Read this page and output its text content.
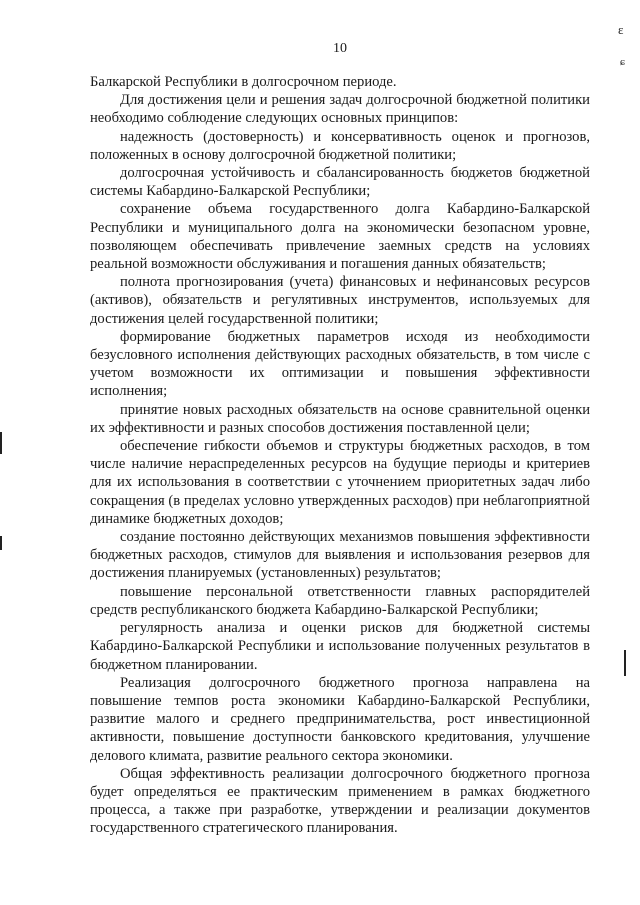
10
ε
ɕ

Балкарской Республики в долгосрочном периоде.

Для достижения цели и решения задач долгосрочной бюджетной политики необходимо соблюдение следующих основных принципов:

надежность (достоверность) и консервативность оценок и прогнозов, положенных в основу долгосрочной бюджетной политики;

долгосрочная устойчивость и сбалансированность бюджетов бюджетной системы Кабардино-Балкарской Республики;

сохранение объема государственного долга Кабардино-Балкарской Республики и муниципального долга на экономически безопасном уровне, позволяющем обеспечивать привлечение заемных средств на условиях реальной возможности обслуживания и погашения данных обязательств;

полнота прогнозирования (учета) финансовых и нефинансовых ресурсов (активов), обязательств и регулятивных инструментов, используемых для достижения целей государственной политики;

формирование бюджетных параметров исходя из необходимости безусловного исполнения действующих расходных обязательств, в том числе с учетом возможности их оптимизации и повышения эффективности исполнения;

принятие новых расходных обязательств на основе сравнительной оценки их эффективности и разных способов достижения поставленной цели;

обеспечение гибкости объемов и структуры бюджетных расходов, в том числе наличие нераспределенных ресурсов на будущие периоды и критериев для их использования в соответствии с уточнением приоритетных задач либо сокращения (в пределах условно утвержденных расходов) при неблагоприятной динамике бюджетных доходов;

создание постоянно действующих механизмов повышения эффективности бюджетных расходов, стимулов для выявления и использования резервов для достижения планируемых (установленных) результатов;

повышение персональной ответственности главных распорядителей средств республиканского бюджета Кабардино-Балкарской Республики;

регулярность анализа и оценки рисков для бюджетной системы Кабардино-Балкарской Республики и использование полученных результатов в бюджетном планировании.

Реализация долгосрочного бюджетного прогноза направлена на повышение темпов роста экономики Кабардино-Балкарской Республики, развитие малого и среднего предпринимательства, рост инвестиционной активности, повышение доступности банковского кредитования, улучшение делового климата, развитие реального сектора экономики.

Общая эффективность реализации долгосрочного бюджетного прогноза будет определяться ее практическим применением в рамках бюджетного процесса, а также при разработке, утверждении и реализации документов государственного стратегического планирования.
